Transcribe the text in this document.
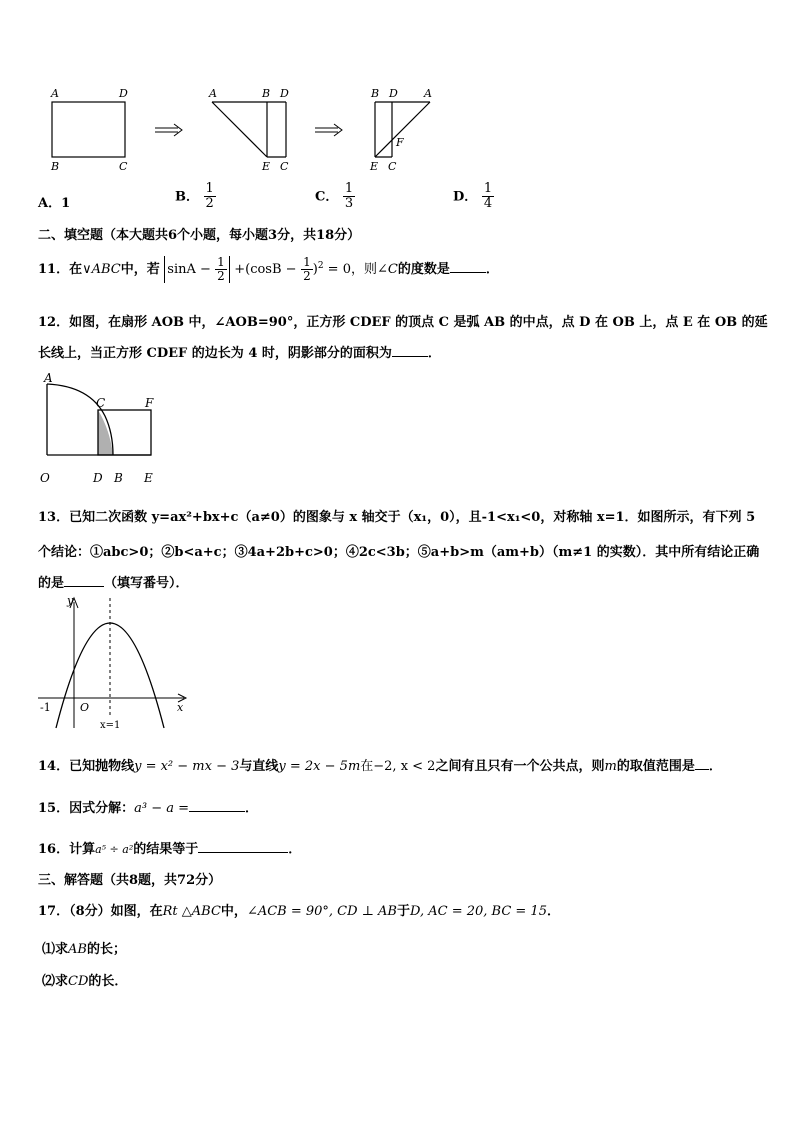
A	D
B	C
A	B D
E C
B D A
F
E C
A．1	B． $\frac{1}{2}$	C． $\frac{1}{3}$	D． $\frac{1}{4}$
二、填空题（本大题共6个小题，每小题3分，共18分）
11．在∨ABC中，若 $\sin A - \frac{1}{2} +(\cos B - \frac{1}{2} )^2 = 0$，则∠C的度数是	．
12．如图，在扇形 AOB 中，∠AOB=90°，正方形 CDEF 的顶点 C 是弧 AB 的中点，点 D 在 OB 上，点 E 在 OB 的延
长线上，当正方形 CDEF 的边长为 4 时，阴影部分的面积为	．
A
C	F
O	D B E
13．已知二次函数 y=ax²+bx+c（a≠0）的图象与 x 轴交于（x₁，0），且-1<x₁<0，对称轴 x=1．如图所示，有下列 5
个结论：①abc>0；②b<a+c；③4a+2b+c>0；④2c<3b；⑤a+b>m（am+b）（m≠1 的实数）．其中所有结论正确
的是	（填写番号）．
y
-1	O	x
x=1
14．已知抛物线y = x² − mx − 3与直线y = 2x − 5m在−2, x < 2之间有且只有一个公共点，则m的取值范围是 ．
15．因式分解：a³ − a =	．
16．计算a⁵ ÷ a²的结果等于	．
三、解答题（共8题，共72分）
17．（8分）如图，在Rt △ABC中，∠ACB = 90°, CD ⊥ AB于D, AC = 20, BC = 15．
⑴求AB的长；
⑵求CD的长．
